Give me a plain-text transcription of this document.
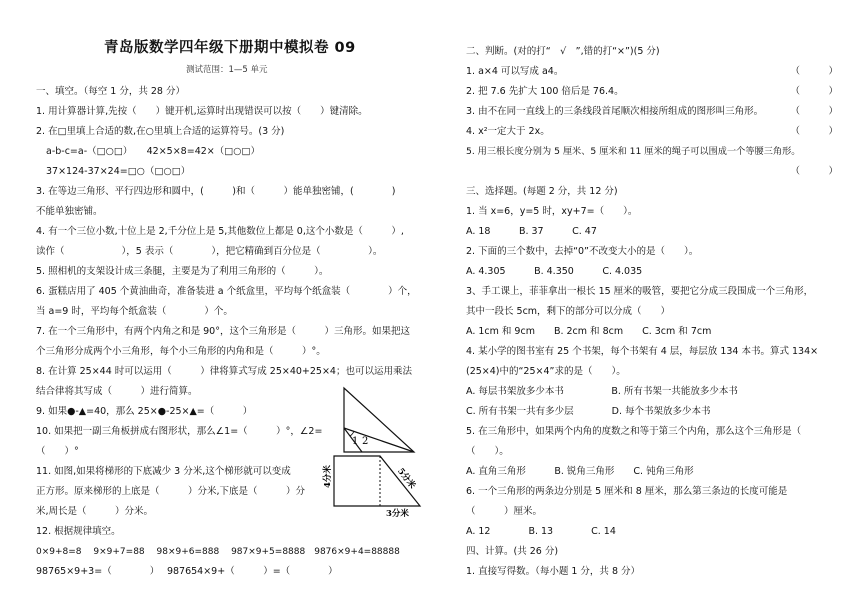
青岛版数学四年级下册期中模拟卷 09
测试范围：1—5 单元
一、填空。（每空 1 分，共 28 分）
1. 用计算器计算,先按（　　）键开机,运算时出现错误可以按（　　）键清除。
2. 在□里填上合适的数,在○里填上合适的运算符号。(3 分)
a-b-c=a-（□○□）　　42×5×8=42×（□○□）
37×124-37×24=□○（□○□）
3. 在等边三角形、平行四边形和圆中，(　　　)和（　　　）能单独密铺，(　　　　)
不能单独密铺。
4. 有一个三位小数,十位上是 2,千分位上是 5,其他数位上都是 0,这个小数是（　　　）,
读作（　　　　　　），5 表示（　　　　），把它精确到百分位是（　　　　　）。
5. 照相机的支架设计成三条腿，主要是为了利用三角形的（　　　）。
6. 蛋糕店用了 405 个黄油曲奇，准备装进 a 个纸盒里，平均每个纸盒装（　　　　）个，
当 a=9 时，平均每个纸盒装（　　　　）个。
7. 在一个三角形中，有两个内角之和是 90°，这个三角形是（　　　）三角形。如果把这
个三角形分成两个小三角形，每个小三角形的内角和是（　　　）°。
8. 在计算 25×44 时可以运用（　　　）律将算式写成 25×40+25×4；也可以运用乘法
结合律将其写成（　　　）进行简算。
9. 如果●-▲=40，那么 25×●-25×▲=（　　　）
10. 如果把一副三角板拼成右图形状，那么∠1=（　　　）°，∠2=
（　　）°
11. 如图,如果将梯形的下底减少 3 分米,这个梯形就可以变成
正方形。原来梯形的上底是（　　　）分米,下底是（　　　）分
米,周长是（　　　）分米。
12. 根据规律填空。
0×9+8=8　 9×9+7=88　 98×9+6=888　 987×9+5=8888　9876×9+4=88888
98765×9+3=（　　　　）　 987654×9+（　　　）=（　　　　）
1 2
4分米	5分米
3分米
二、判断。(对的打“　√　”,错的打“×”)(5 分)
1. a×4 可以写成 a4。	（　　　）
2. 把 7.6 先扩大 100 倍后是 76.4。	（　　　）
3. 由不在同一直线上的三条线段首尾顺次相接所组成的图形叫三角形。	（　　　）
4. x²一定大于 2x。	（　　　）
5. 用三根长度分别为 5 厘米、5 厘米和 11 厘米的绳子可以围成一个等腰三角形。
（　　　）
三、选择题。(每题 2 分，共 12 分)
1. 当 x=6，y=5 时，xy+7=（　　）。
A. 18　　　B. 37　　　C. 47
2. 下面的三个数中，去掉“0”不改变大小的是（　　）。
A. 4.305　　　B. 4.350　　　C. 4.035
3、手工课上，菲菲拿出一根长 15 厘米的吸管，要把它分成三段围成一个三角形，
其中一段长 5cm，剩下的部分可以分成（　　）
A. 1cm 和 9cm　　B. 2cm 和 8cm　　C. 3cm 和 7cm
4. 某小学的图书室有 25 个书架，每个书架有 4 层，每层放 134 本书。算式 134×
(25×4)中的“25×4”求的是（　　）。
A. 每层书架放多少本书　　　　　B. 所有书架一共能放多少本书
C. 所有书架一共有多少层　　　　D. 每个书架放多少本书
5. 在三角形中，如果两个内角的度数之和等于第三个内角，那么这个三角形是（
（　　）。
A. 直角三角形　　　B. 锐角三角形　　C. 钝角三角形
6. 一个三角形的两条边分别是 5 厘米和 8 厘米，那么第三条边的长度可能是
（　　　）厘米。
A. 12　　　　B. 13　　　　C. 14
四、计算。(共 26 分)
1. 直接写得数。（每小题 1 分，共 8 分）
